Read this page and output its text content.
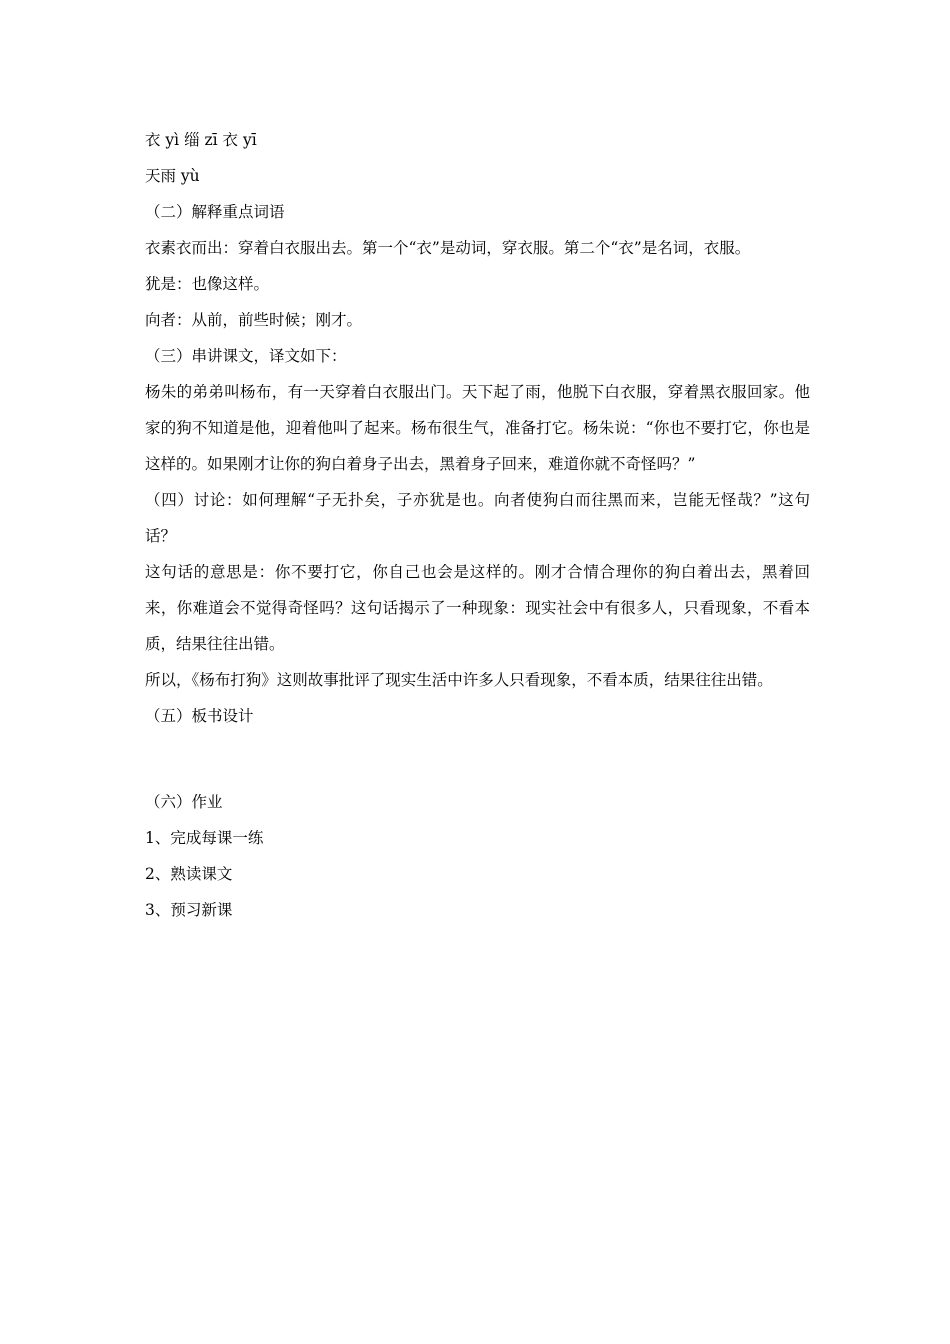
衣 yì 缁 zī 衣 yī

天雨 yù

（二）解释重点词语

衣素衣而出：穿着白衣服出去。第一个“衣”是动词，穿衣服。第二个“衣”是名词，衣服。

犹是：也像这样。

向者：从前，前些时候；刚才。

（三）串讲课文，译文如下：

杨朱的弟弟叫杨布，有一天穿着白衣服出门。天下起了雨，他脱下白衣服，穿着黑衣服回家。他家的狗不知道是他，迎着他叫了起来。杨布很生气，准备打它。杨朱说：“你也不要打它，你也是这样的。如果刚才让你的狗白着身子出去，黑着身子回来，难道你就不奇怪吗？”

（四）讨论：如何理解“子无扑矣，子亦犹是也。向者使狗白而往黑而来，岂能无怪哉？”这句话？

这句话的意思是：你不要打它，你自己也会是这样的。刚才合情合理你的狗白着出去，黑着回来，你难道会不觉得奇怪吗？这句话揭示了一种现象：现实社会中有很多人，只看现象，不看本质，结果往往出错。

所以，《杨布打狗》这则故事批评了现实生活中许多人只看现象，不看本质，结果往往出错。

（五）板书设计

（六）作业

1、完成每课一练

2、熟读课文

3、预习新课
